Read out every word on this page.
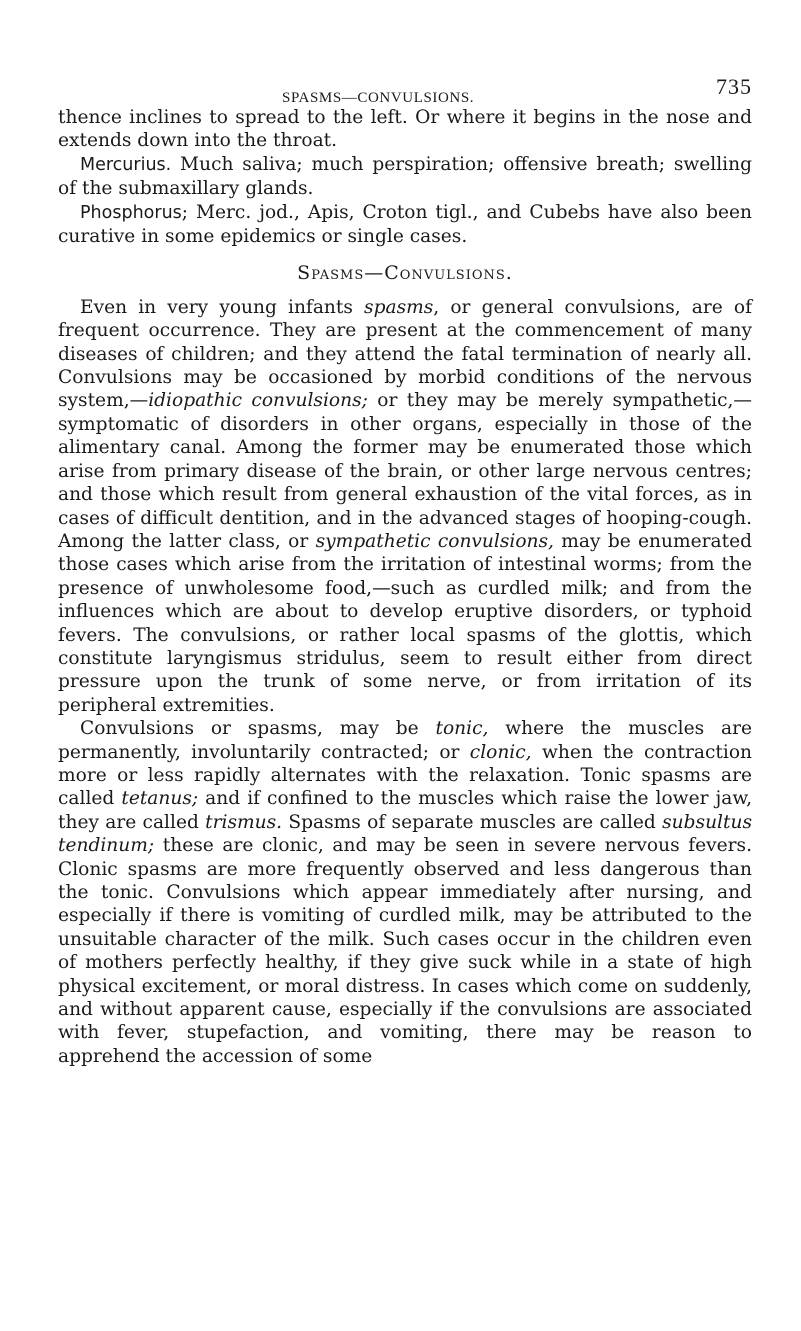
SPASMS—CONVULSIONS.	735

thence inclines to spread to the left. Or where it begins in the nose and extends down into the throat.

Mercurius. Much saliva; much perspiration; offensive breath; swelling of the submaxillary glands.

Phosphorus; Merc. jod., Apis, Croton tigl., and Cubebs have also been curative in some epidemics or single cases.

Spasms—Convulsions.

Even in very young infants spasms, or general convulsions, are of frequent occurrence. They are present at the commencement of many diseases of children; and they attend the fatal termination of nearly all. Convulsions may be occasioned by morbid conditions of the nervous system,—idiopathic convulsions; or they may be merely sympathetic,—symptomatic of disorders in other organs, especially in those of the alimentary canal. Among the former may be enumerated those which arise from primary disease of the brain, or other large nervous centres; and those which result from general exhaustion of the vital forces, as in cases of difficult dentition, and in the advanced stages of hooping-cough. Among the latter class, or sympathetic convulsions, may be enumerated those cases which arise from the irritation of intestinal worms; from the presence of unwholesome food,—such as curdled milk; and from the influences which are about to develop eruptive disorders, or typhoid fevers. The convulsions, or rather local spasms of the glottis, which constitute laryngismus stridulus, seem to result either from direct pressure upon the trunk of some nerve, or from irritation of its peripheral extremities.

Convulsions or spasms, may be tonic, where the muscles are permanently, involuntarily contracted; or clonic, when the contraction more or less rapidly alternates with the relaxation. Tonic spasms are called tetanus; and if confined to the muscles which raise the lower jaw, they are called trismus. Spasms of separate muscles are called subsultus tendinum; these are clonic, and may be seen in severe nervous fevers. Clonic spasms are more frequently observed and less dangerous than the tonic. Convulsions which appear immediately after nursing, and especially if there is vomiting of curdled milk, may be attributed to the unsuitable character of the milk. Such cases occur in the children even of mothers perfectly healthy, if they give suck while in a state of high physical excitement, or moral distress. In cases which come on suddenly, and without apparent cause, especially if the convulsions are associated with fever, stupefaction, and vomiting, there may be reason to apprehend the accession of some
